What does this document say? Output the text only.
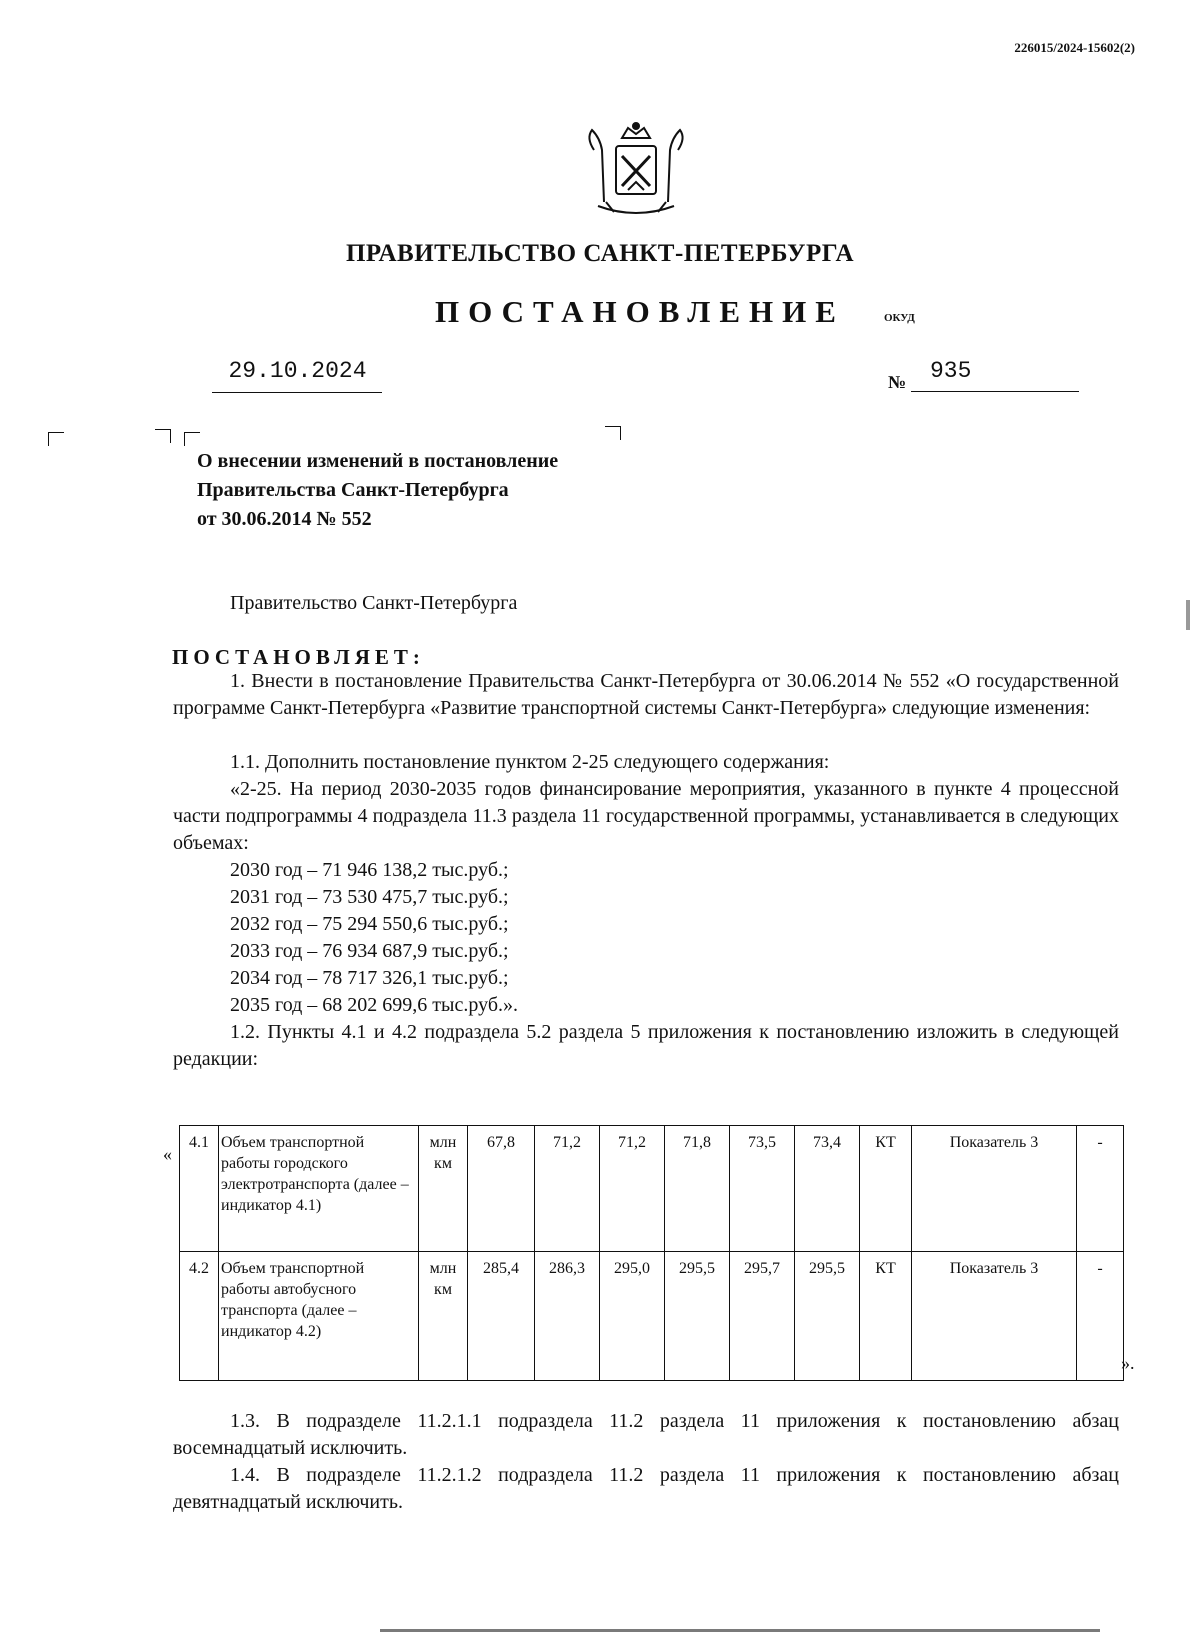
226015/2024-15602(2)
ПРАВИТЕЛЬСТВО САНКТ-ПЕТЕРБУРГА
ПОСТАНОВЛЕНИЕ	ОКУД
29.10.2024	№ 935
О внесении изменений в постановление
Правительства Санкт-Петербурга
от 30.06.2014 № 552
Правительство Санкт-Петербурга
ПОСТАНОВЛЯЕТ:
1. Внести в постановление Правительства Санкт-Петербурга от 30.06.2014 № 552 «О государственной программе Санкт-Петербурга «Развитие транспортной системы Санкт-Петербурга» следующие изменения:
1.1. Дополнить постановление пунктом 2-25 следующего содержания:
«2-25. На период 2030-2035 годов финансирование мероприятия, указанного в пункте 4 процессной части подпрограммы 4 подраздела 11.3 раздела 11 государственной программы, устанавливается в следующих объемах:
2030 год – 71 946 138,2 тыс.руб.;
2031 год – 73 530 475,7 тыс.руб.;
2032 год – 75 294 550,6 тыс.руб.;
2033 год – 76 934 687,9 тыс.руб.;
2034 год – 78 717 326,1 тыс.руб.;
2035 год – 68 202 699,6 тыс.руб.».
1.2. Пункты 4.1 и 4.2 подраздела 5.2 раздела 5 приложения к постановлению изложить в следующей редакции:
«
4.1	Объем транспортной работы городского электротранспорта (далее – индикатор 4.1)	млн км	67,8	71,2	71,2	71,8	73,5	73,4	КТ	Показатель 3	-
4.2	Объем транспортной работы автобусного транспорта (далее – индикатор 4.2)	млн км	285,4	286,3	295,0	295,5	295,7	295,5	КТ	Показатель 3	-
».
1.3. В подразделе 11.2.1.1 подраздела 11.2 раздела 11 приложения к постановлению абзац восемнадцатый исключить.
1.4. В подразделе 11.2.1.2 подраздела 11.2 раздела 11 приложения к постановлению абзац девятнадцатый исключить.
